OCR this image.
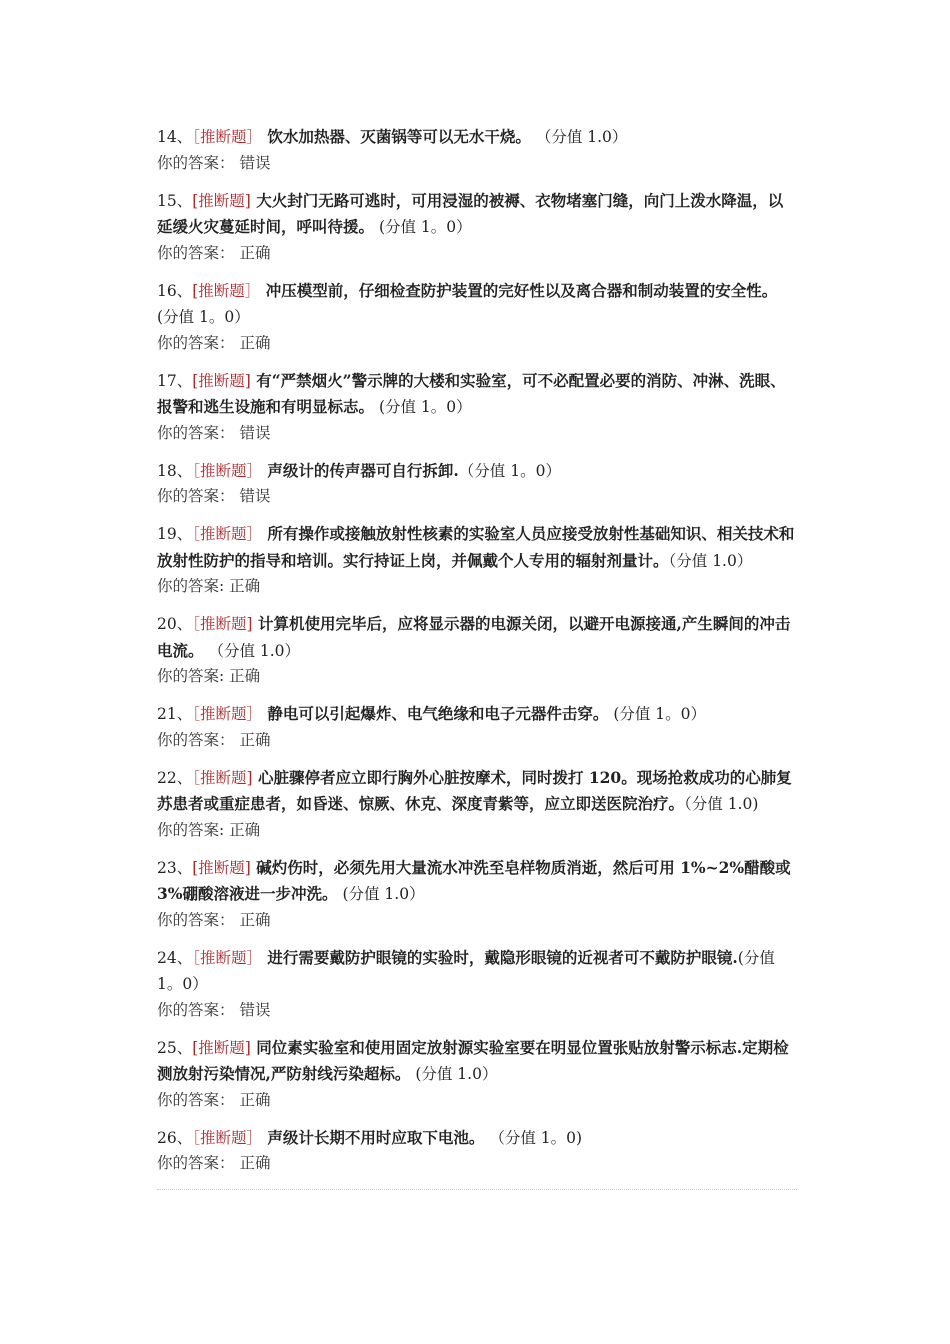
14、［推断题］ 饮水加热器、灭菌锅等可以无水干烧。 （分值 1.0）

你的答案： 错误

15、[推断题] 大火封门无路可逃时，可用浸湿的被褥、衣物堵塞门缝，向门上泼水降温，以延缓火灾蔓延时间，呼叫待援。 (分值 1。0）

你的答案： 正确

16、[推断题］ 冲压模型前，仔细检查防护装置的完好性以及离合器和制动装置的安全性。 (分值 1。0）

你的答案： 正确

17、[推断题] 有“严禁烟火”警示牌的大楼和实验室，可不必配置必要的消防、冲淋、洗眼、报警和逃生设施和有明显标志。 (分值 1。0）

你的答案： 错误

18、［推断题］ 声级计的传声器可自行拆卸.（分值 1。0）

你的答案： 错误

19、［推断题］ 所有操作或接触放射性核素的实验室人员应接受放射性基础知识、相关技术和放射性防护的指导和培训。实行持证上岗，并佩戴个人专用的辐射剂量计。（分值 1.0）

你的答案: 正确

20、［推断题] 计算机使用完毕后，应将显示器的电源关闭，以避开电源接通,产生瞬间的冲击电流。 （分值 1.0）

你的答案: 正确

21、［推断题］ 静电可以引起爆炸、电气绝缘和电子元器件击穿。 (分值 1。0）

你的答案： 正确

22、［推断题] 心脏骤停者应立即行胸外心脏按摩术，同时拨打 120。现场抢救成功的心肺复苏患者或重症患者，如昏迷、惊厥、休克、深度青紫等，应立即送医院治疗。（分值 1.0)

你的答案: 正确

23、[推断题] 碱灼伤时，必须先用大量流水冲洗至皂样物质消逝，然后可用 1%~2%醋酸或 3%硼酸溶液进一步冲洗。 (分值 1.0）

你的答案： 正确

24、［推断题］ 进行需要戴防护眼镜的实验时，戴隐形眼镜的近视者可不戴防护眼镜.(分值 1。0）

你的答案： 错误

25、[推断题] 同位素实验室和使用固定放射源实验室要在明显位置张贴放射警示标志.定期检测放射污染情况,严防射线污染超标。 (分值 1.0）

你的答案： 正确

26、［推断题］ 声级计长期不用时应取下电池。 （分值 1。0)

你的答案： 正确
